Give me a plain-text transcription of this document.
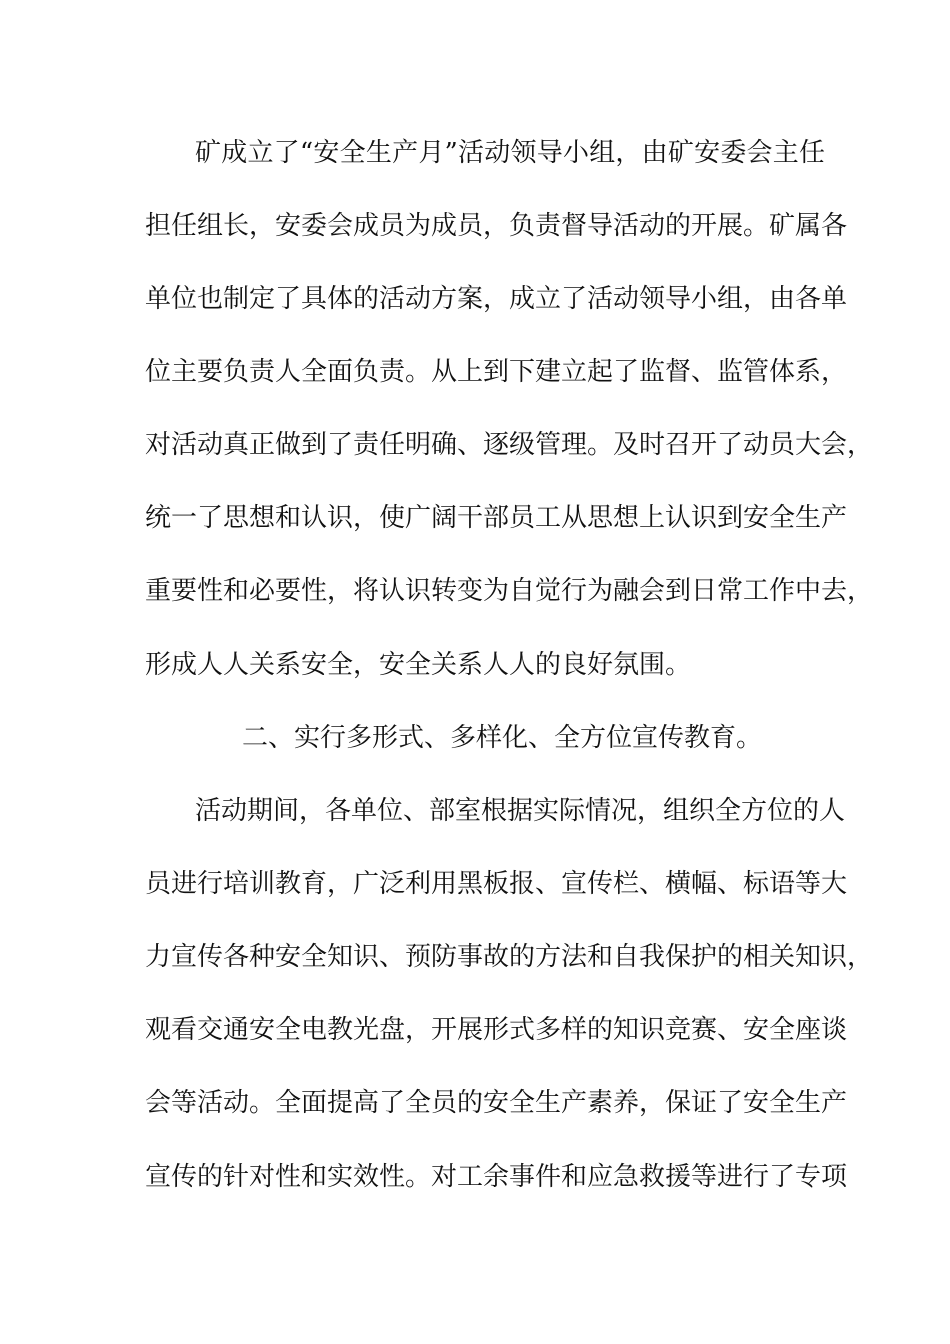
矿成立了“安全生产月”活动领导小组，由矿安委会主任
担任组长，安委会成员为成员，负责督导活动的开展。矿属各
单位也制定了具体的活动方案，成立了活动领导小组，由各单
位主要负责人全面负责。从上到下建立起了监督、监管体系，
对活动真正做到了责任明确、逐级管理。及时召开了动员大会，
统一了思想和认识，使广阔干部员工从思想上认识到安全生产
重要性和必要性，将认识转变为自觉行为融会到日常工作中去，
形成人人关系安全，安全关系人人的良好氛围。
二、实行多形式、多样化、全方位宣传教育。
活动期间，各单位、部室根据实际情况，组织全方位的人
员进行培训教育，广泛利用黑板报、宣传栏、横幅、标语等大
力宣传各种安全知识、预防事故的方法和自我保护的相关知识，
观看交通安全电教光盘，开展形式多样的知识竞赛、安全座谈
会等活动。全面提高了全员的安全生产素养，保证了安全生产
宣传的针对性和实效性。对工余事件和应急救援等进行了专项
